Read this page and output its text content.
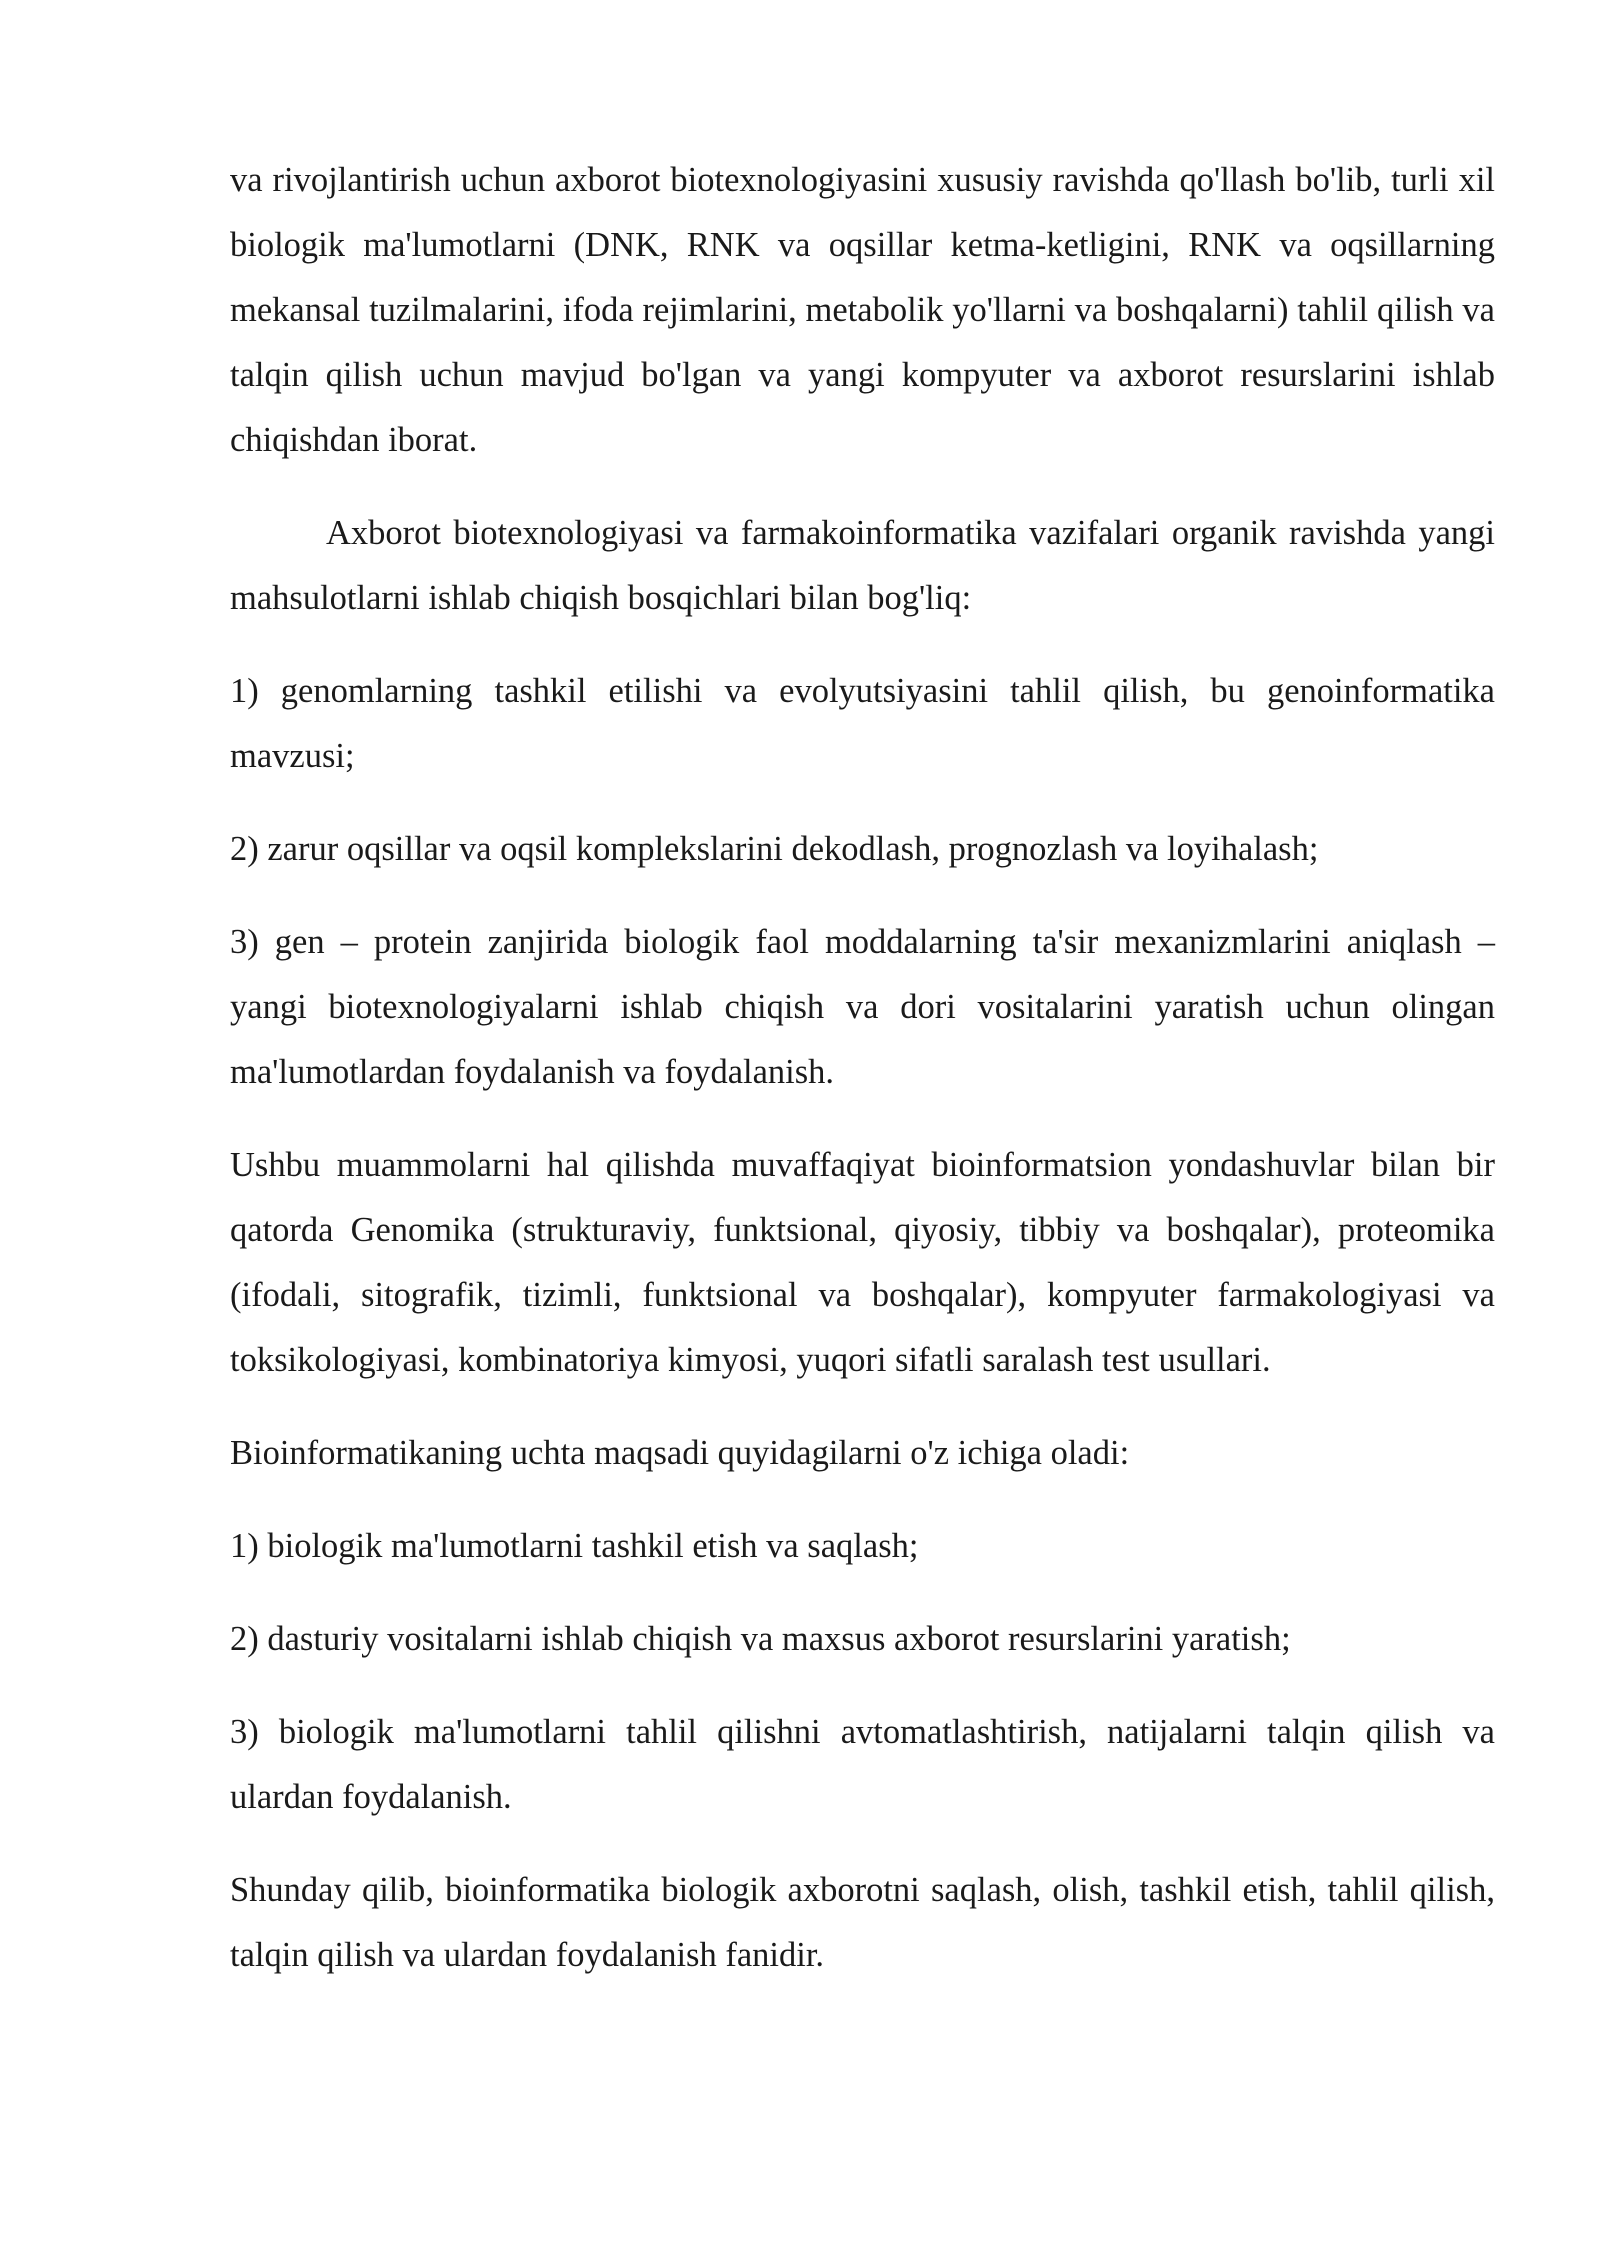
va rivojlantirish uchun axborot biotexnologiyasini xususiy ravishda qo'llash bo'lib, turli xil biologik ma'lumotlarni (DNK, RNK va oqsillar ketma-ketligini, RNK va oqsillarning mekansal tuzilmalarini, ifoda rejimlarini, metabolik yo'llarni va boshqalarni) tahlil qilish va talqin qilish uchun mavjud bo'lgan va yangi kompyuter va axborot resurslarini ishlab chiqishdan iborat.

Axborot biotexnologiyasi va farmakoinformatika vazifalari organik ravishda yangi mahsulotlarni ishlab chiqish bosqichlari bilan bog'liq:

1) genomlarning tashkil etilishi va evolyutsiyasini tahlil qilish, bu genoinformatika mavzusi;

2) zarur oqsillar va oqsil komplekslarini dekodlash, prognozlash va loyihalash;

3) gen – protein zanjirida biologik faol moddalarning ta'sir mexanizmlarini aniqlash – yangi biotexnologiyalarni ishlab chiqish va dori vositalarini yaratish uchun olingan ma'lumotlardan foydalanish va foydalanish.

Ushbu muammolarni hal qilishda muvaffaqiyat bioinformatsion yondashuvlar bilan bir qatorda Genomika (strukturaviy, funktsional, qiyosiy, tibbiy va boshqalar), proteomika (ifodali, sitografik, tizimli, funktsional va boshqalar), kompyuter farmakologiyasi va toksikologiyasi, kombinatoriya kimyosi, yuqori sifatli saralash test usullari.

Bioinformatikaning uchta maqsadi quyidagilarni o'z ichiga oladi:

1) biologik ma'lumotlarni tashkil etish va saqlash;

2) dasturiy vositalarni ishlab chiqish va maxsus axborot resurslarini yaratish;

3) biologik ma'lumotlarni tahlil qilishni avtomatlashtirish, natijalarni talqin qilish va ulardan foydalanish.

Shunday qilib, bioinformatika biologik axborotni saqlash, olish, tashkil etish, tahlil qilish, talqin qilish va ulardan foydalanish fanidir.
